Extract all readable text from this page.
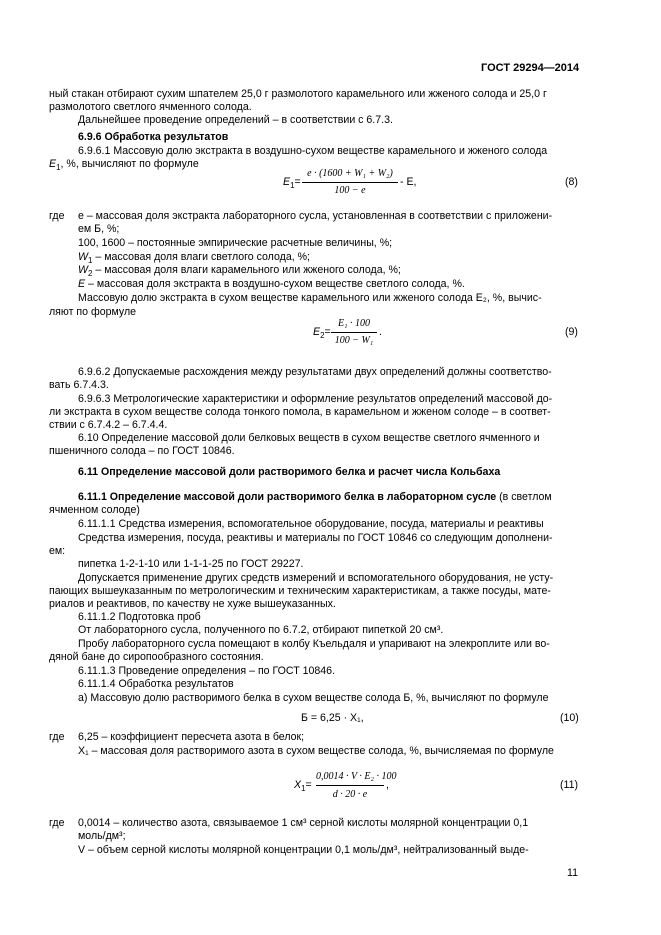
ГОСТ 29294—2014
ный стакан отбирают сухим шпателем 25,0 г размолотого карамельного или жженого солода и 25,0 г
размолотого светлого ячменного солода.
Дальнейшее проведение определений – в соответствии с 6.7.3.
6.9.6 Обработка результатов
6.9.6.1 Массовую долю экстракта в воздушно-сухом веществе карамельного и жженого солода
$E_1$, %, вычисляют по формуле
$E_1=$
e · (1600 + W₁ + W₂)
100 − e
- E,	(8)
где e – массовая доля экстракта лабораторного сусла, установленная в соответствии с приложени-
ем Б, %;
100, 1600 – постоянные эмпирические расчетные величины, %;
$W_1$ – массовая доля влаги светлого солода, %;
$W_2$ – массовая доля влаги карамельного или жженого солода, %;
E – массовая доля экстракта в воздушно-сухом веществе светлого солода, %.
Массовую долю экстракта в сухом веществе карамельного или жженого солода E₂, %, вычис-
ляют по формуле
$E_2=$
E₁ · 100
100 − W₁
.	(9)
6.9.6.2 Допускаемые расхождения между результатами двух определений должны соответство-
вать 6.7.4.3.
6.9.6.3 Метрологические характеристики и оформление результатов определений массовой до-
ли экстракта в сухом веществе солода тонкого помола, в карамельном и жженом солоде – в соответ-
ствии с 6.7.4.2 – 6.7.4.4.
6.10 Определение массовой доли белковых веществ в сухом веществе светлого ячменного и
пшеничного солода – по ГОСТ 10846.
6.11 Определение массовой доли растворимого белка и расчет числа Кольбаха
6.11.1 Определение массовой доли растворимого белка в лабораторном сусле (в светлом
ячменном солоде)
6.11.1.1 Средства измерения, вспомогательное оборудование, посуда, материалы и реактивы
Средства измерения, посуда, реактивы и материалы по ГОСТ 10846 со следующим дополнени-
ем:
пипетка 1-2-1-10 или 1-1-1-25 по ГОСТ 29227.
Допускается применение других средств измерений и вспомогательного оборудования, не усту-
пающих вышеуказанным по метрологическим и техническим характеристикам, а также посуды, мате-
риалов и реактивов, по качеству не хуже вышеуказанных.
6.11.1.2 Подготовка проб
От лабораторного сусла, полученного по 6.7.2, отбирают пипеткой 20 см³.
Пробу лабораторного сусла помещают в колбу Къельдаля и упаривают на элекроплите или во-
дяной бане до сиропообразного состояния.
6.11.1.3 Проведение определения – по ГОСТ 10846.
6.11.1.4 Обработка результатов
а) Массовую долю растворимого белка в сухом веществе солода Б, %, вычисляют по формуле
Б = 6,25 · X₁,	(10)
где 6,25 – коэффициент пересчета азота в белок;
X₁ – массовая доля растворимого азота в сухом веществе солода, %, вычисляемая по формуле
$X_1=$
0,0014 · V · E₂ · 100
d · 20 · e
,	(11)
где 0,0014 – количество азота, связываемое 1 см³ серной кислоты молярной концентрации 0,1
моль/дм³;
V – объем серной кислоты молярной концентрации 0,1 моль/дм³, нейтрализованный выде-
11
